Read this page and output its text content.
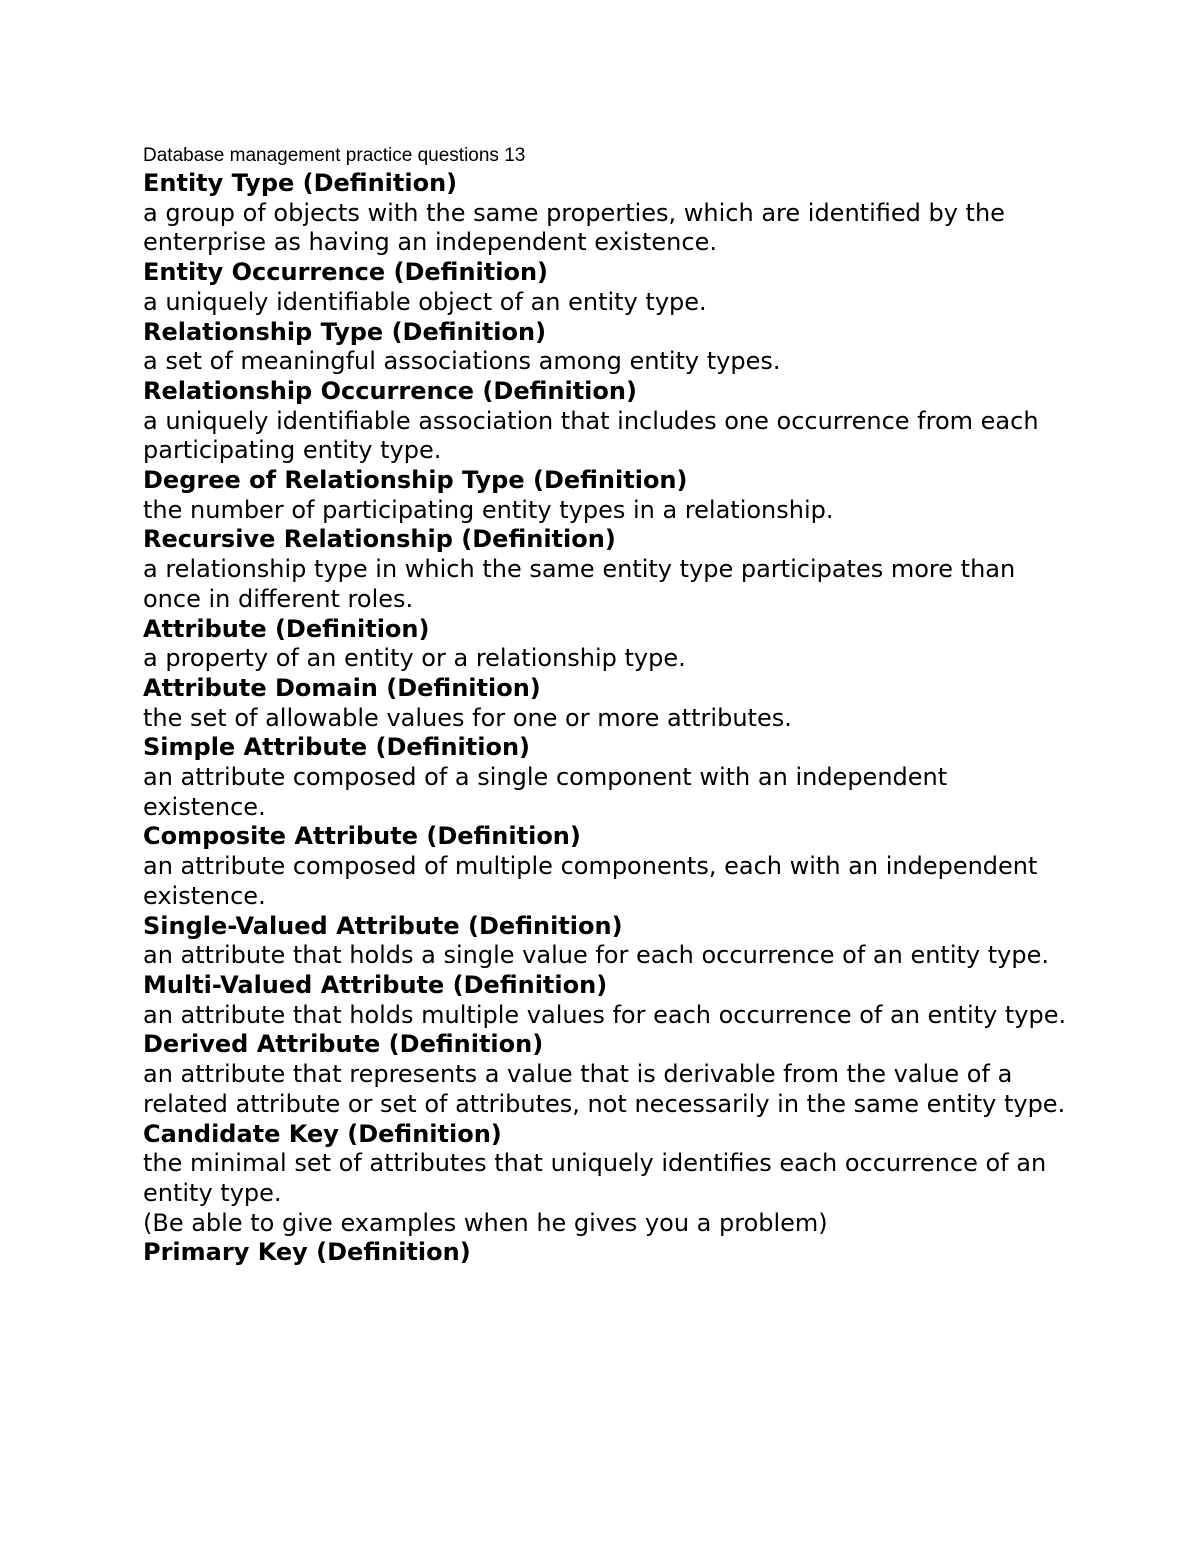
Database management practice questions 13

Entity Type (Definition)

a group of objects with the same properties, which are identified by the enterprise as having an independent existence.

Entity Occurrence (Definition)

a uniquely identifiable object of an entity type.

Relationship Type (Definition)

a set of meaningful associations among entity types.

Relationship Occurrence (Definition)

a uniquely identifiable association that includes one occurrence from each participating entity type.

Degree of Relationship Type (Definition)

the number of participating entity types in a relationship.

Recursive Relationship (Definition)

a relationship type in which the same entity type participates more than once in different roles.

Attribute (Definition)

a property of an entity or a relationship type.

Attribute Domain (Definition)

the set of allowable values for one or more attributes.

Simple Attribute (Definition)

an attribute composed of a single component with an independent existence.

Composite Attribute (Definition)

an attribute composed of multiple components, each with an independent existence.

Single-Valued Attribute (Definition)

an attribute that holds a single value for each occurrence of an entity type.

Multi-Valued Attribute (Definition)

an attribute that holds multiple values for each occurrence of an entity type.

Derived Attribute (Definition)

an attribute that represents a value that is derivable from the value of a related attribute or set of attributes, not necessarily in the same entity type.

Candidate Key (Definition)

the minimal set of attributes that uniquely identifies each occurrence of an entity type.

(Be able to give examples when he gives you a problem)

Primary Key (Definition)
